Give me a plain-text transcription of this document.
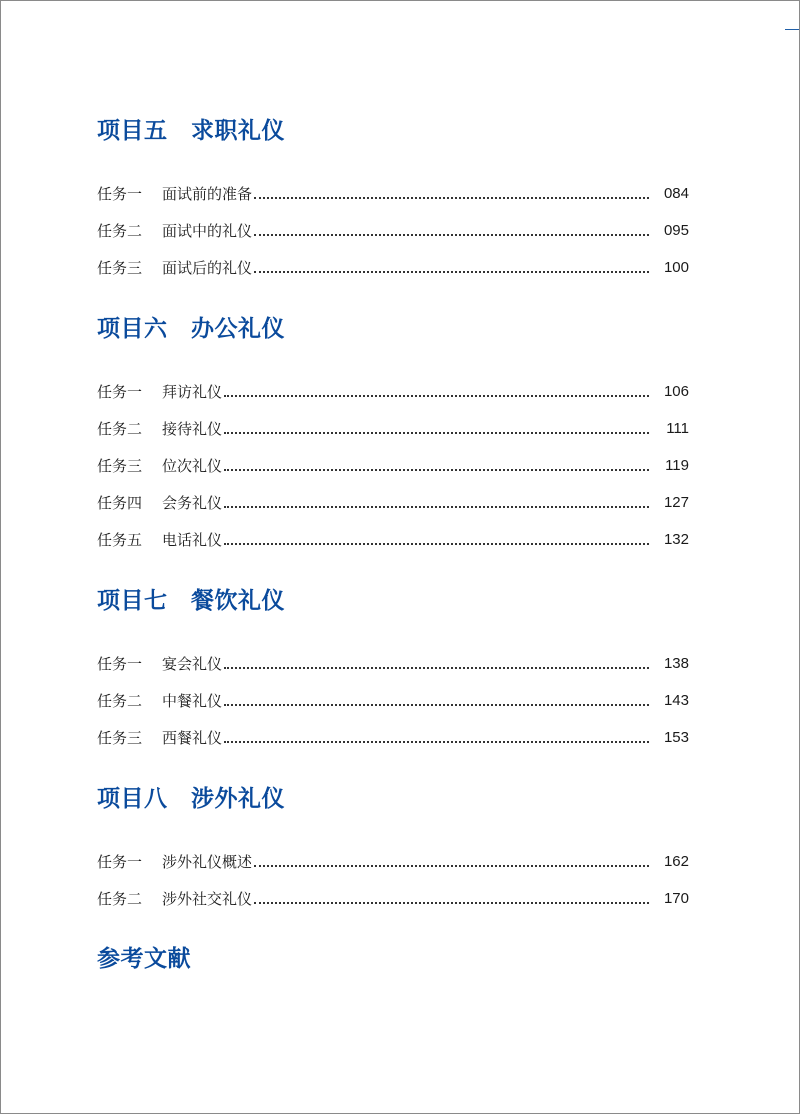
项目五　求职礼仪
任务一	面试前的准备	084
任务二	面试中的礼仪	095
任务三	面试后的礼仪	100
项目六　办公礼仪
任务一	拜访礼仪	106
任务二	接待礼仪	111
任务三	位次礼仪	119
任务四	会务礼仪	127
任务五	电话礼仪	132
项目七　餐饮礼仪
任务一	宴会礼仪	138
任务二	中餐礼仪	143
任务三	西餐礼仪	153
项目八　涉外礼仪
任务一	涉外礼仪概述	162
任务二	涉外社交礼仪	170
参考文献
